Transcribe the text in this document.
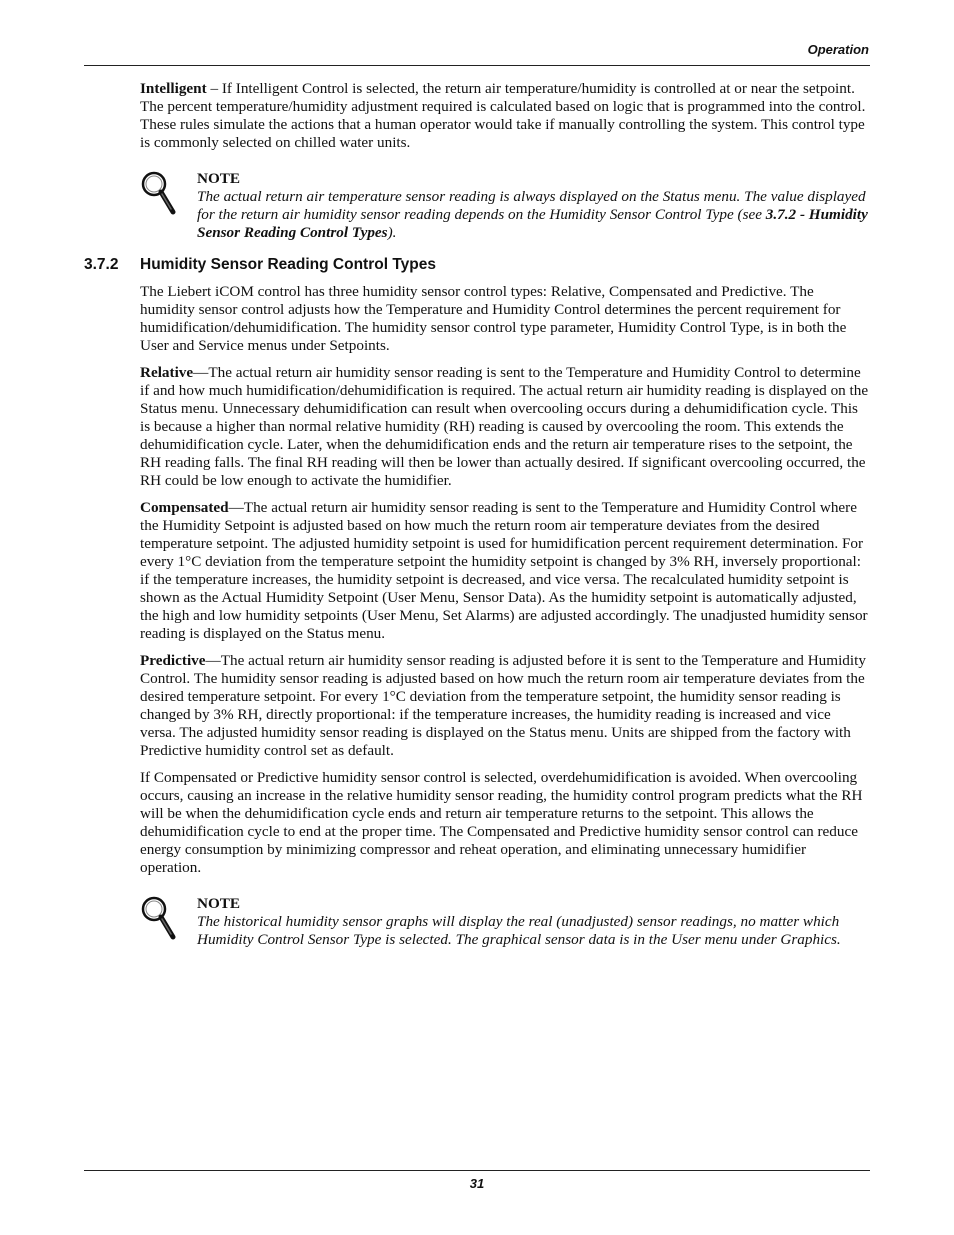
Operation

Intelligent – If Intelligent Control is selected, the return air temperature/humidity is controlled at or near the setpoint. The percent temperature/humidity adjustment required is calculated based on logic that is programmed into the control. These rules simulate the actions that a human operator would take if manually controlling the system. This control type is commonly selected on chilled water units.

NOTE
The actual return air temperature sensor reading is always displayed on the Status menu. The value displayed for the return air humidity sensor reading depends on the Humidity Sensor Control Type (see 3.7.2 - Humidity Sensor Reading Control Types).
3.7.2 Humidity Sensor Reading Control Types

The Liebert iCOM control has three humidity sensor control types: Relative, Compensated and Predictive. The humidity sensor control adjusts how the Temperature and Humidity Control determines the percent requirement for humidification/dehumidification. The humidity sensor control type parameter, Humidity Control Type, is in both the User and Service menus under Setpoints.

Relative—The actual return air humidity sensor reading is sent to the Temperature and Humidity Control to determine if and how much humidification/dehumidification is required. The actual return air humidity reading is displayed on the Status menu. Unnecessary dehumidification can result when overcooling occurs during a dehumidification cycle. This is because a higher than normal relative humidity (RH) reading is caused by overcooling the room. This extends the dehumidification cycle. Later, when the dehumidification ends and the return air temperature rises to the setpoint, the RH reading falls. The final RH reading will then be lower than actually desired. If significant overcooling occurred, the RH could be low enough to activate the humidifier.

Compensated—The actual return air humidity sensor reading is sent to the Temperature and Humidity Control where the Humidity Setpoint is adjusted based on how much the return room air temperature deviates from the desired temperature setpoint. The adjusted humidity setpoint is used for humidification percent requirement determination. For every 1°C deviation from the temperature setpoint the humidity setpoint is changed by 3% RH, inversely proportional: if the temperature increases, the humidity setpoint is decreased, and vice versa. The recalculated humidity setpoint is shown as the Actual Humidity Setpoint (User Menu, Sensor Data). As the humidity setpoint is automatically adjusted, the high and low humidity setpoints (User Menu, Set Alarms) are adjusted accordingly. The unadjusted humidity sensor reading is displayed on the Status menu.

Predictive—The actual return air humidity sensor reading is adjusted before it is sent to the Temperature and Humidity Control. The humidity sensor reading is adjusted based on how much the return room air temperature deviates from the desired temperature setpoint. For every 1°C deviation from the temperature setpoint, the humidity sensor reading is changed by 3% RH, directly proportional: if the temperature increases, the humidity reading is increased and vice versa. The adjusted humidity sensor reading is displayed on the Status menu. Units are shipped from the factory with Predictive humidity control set as default.

If Compensated or Predictive humidity sensor control is selected, overdehumidification is avoided. When overcooling occurs, causing an increase in the relative humidity sensor reading, the humidity control program predicts what the RH will be when the dehumidification cycle ends and return air temperature returns to the setpoint. This allows the dehumidification cycle to end at the proper time. The Compensated and Predictive humidity sensor control can reduce energy consumption by minimizing compressor and reheat operation, and eliminating unnecessary humidifier operation.

NOTE
The historical humidity sensor graphs will display the real (unadjusted) sensor readings, no matter which Humidity Control Sensor Type is selected. The graphical sensor data is in the User menu under Graphics.
31
